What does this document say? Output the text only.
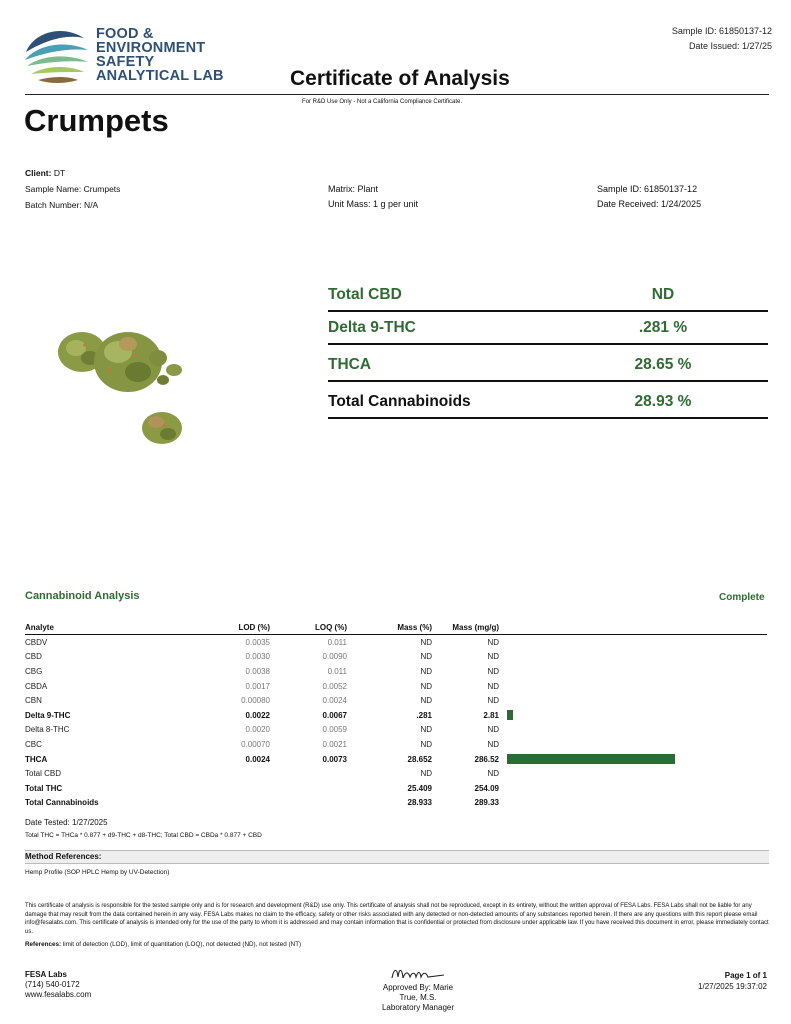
FOOD &
ENVIRONMENT
SAFETY
ANALYTICAL LAB
Sample ID: 61850137-12
Date Issued: 1/27/25
Certificate of Analysis
For R&D Use Only - Not a California Compliance Certificate.
Crumpets
Client: DT
Sample Name: Crumpets
Batch Number: N/A
Matrix: Plant
Unit Mass: 1 g per unit
Sample ID: 61850137-12
Date Received: 1/24/2025
Total CBD	ND
Delta 9-THC	.281 %
THCA	28.65 %
Total Cannabinoids	28.93 %
Cannabinoid Analysis	Complete
Analyte	LOD (%)	LOQ (%)	Mass (%)	Mass (mg/g)	
CBDV	0.0035	0.011	ND	ND	
CBD	0.0030	0.0090	ND	ND	
CBG	0.0038	0.011	ND	ND	
CBDA	0.0017	0.0052	ND	ND	
CBN	0.00080	0.0024	ND	ND	
Delta 9-THC	0.0022	0.0067	.281	2.81	

Delta 8-THC	0.0020	0.0059	ND	ND	
CBC	0.00070	0.0021	ND	ND	
THCA	0.0024	0.0073	28.652	286.52	

Total CBD			ND	ND	
Total THC			25.409	254.09	
Total Cannabinoids			28.933	289.33	
Date Tested: 1/27/2025
Total THC = THCa * 0.877 + d9-THC + d8-THC; Total CBD = CBDa * 0.877 + CBD
Method References:
Hemp Profile (SOP HPLC Hemp by UV-Detection)
This certificate of analysis is responsible for the tested sample only and is for research and development (R&D) use only. This certificate of analysis shall not be reproduced, except in its entirety, without the written approval of FESA Labs. FESA Labs shall not be liable for any damage that may result from the data contained herein in any way. FESA Labs makes no claim to the efficacy, safety or other risks associated with any detected or non-detected amounts of any substances reported herein. If there are any questions with this report please email info@fesalabs.com. This certificate of analysis is intended only for the use of the party to whom it is addressed and may contain information that is confidential or protected from disclosure under applicable law. If you have received this document in error, please immediately contact us.
References: limit of detection (LOD), limit of quantitation (LOQ), not detected (ND), not tested (NT)
FESA Labs
(714) 540-0172
www.fesalabs.com
Approved By: Marie
True, M.S.
Laboratory Manager
Page 1 of 1
1/27/2025 19:37:02
